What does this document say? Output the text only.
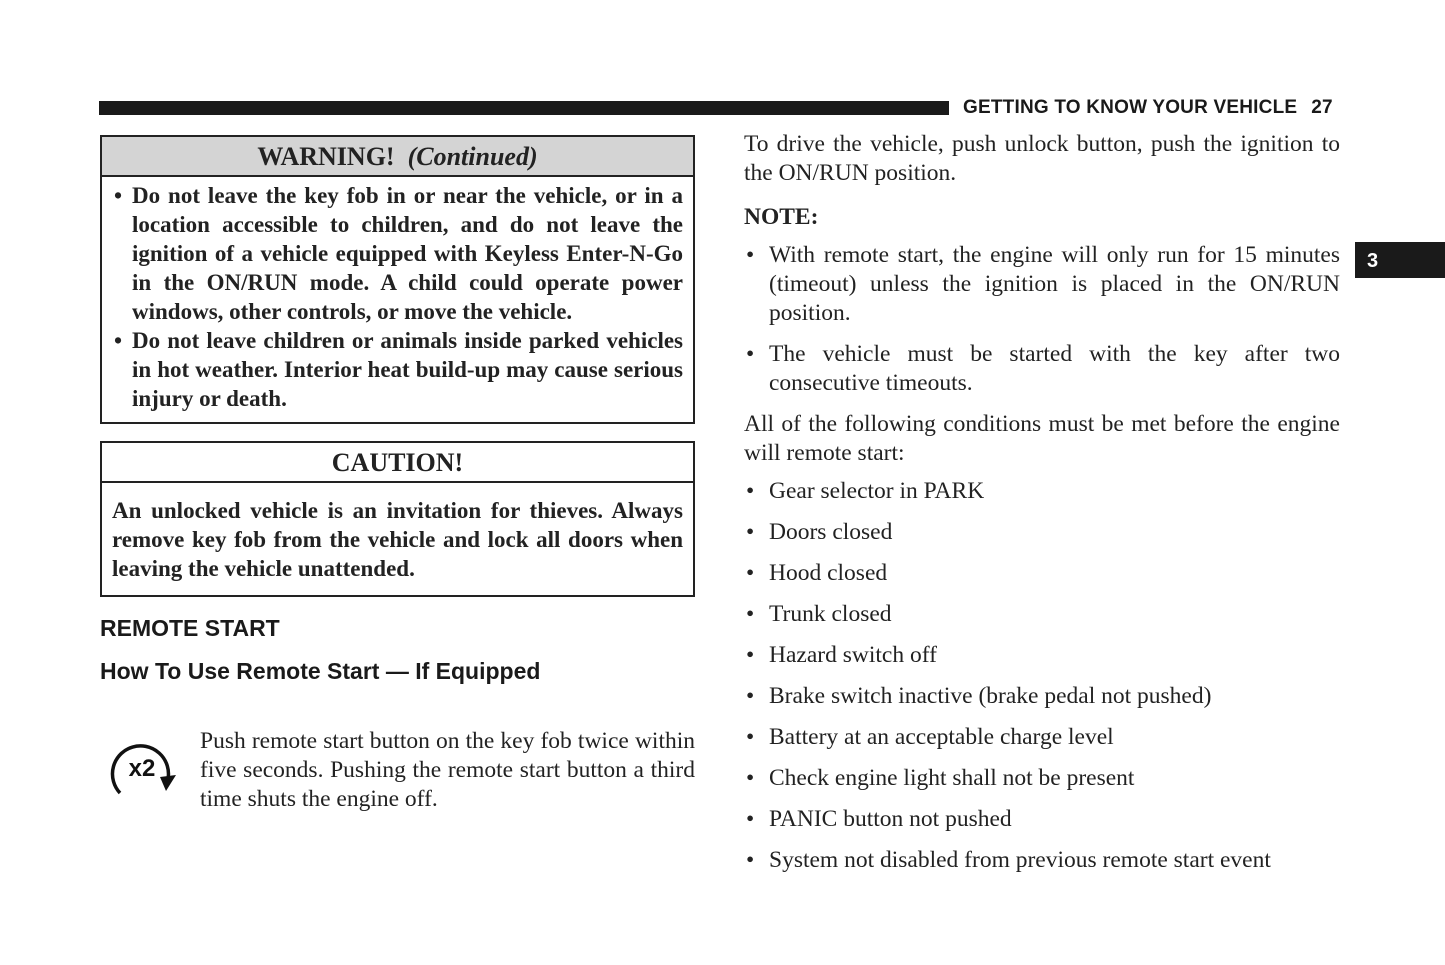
GETTING TO KNOW YOUR VEHICLE 27
3
WARNING! (Continued)
• Do not leave the key fob in or near the vehicle, or in a location accessible to children, and do not leave the ignition of a vehicle equipped with Keyless Enter-N-Go in the ON/RUN mode. A child could operate power windows, other controls, or move the vehicle.
• Do not leave children or animals inside parked vehicles in hot weather. Interior heat build-up may cause serious injury or death.
CAUTION!

An unlocked vehicle is an invitation for thieves. Always remove key fob from the vehicle and lock all doors when leaving the vehicle unattended.

REMOTE START
How To Use Remote Start — If Equipped
x2
Push remote start button on the key fob twice within five seconds. Pushing the remote start button a third time shuts the engine off.
To drive the vehicle, push unlock button, push the ignition to the ON/RUN position.
NOTE:
• With remote start, the engine will only run for 15 minutes (timeout) unless the ignition is placed in the ON/RUN position.
• The vehicle must be started with the key after two consecutive timeouts.
All of the following conditions must be met before the engine will remote start:
• Gear selector in PARK
• Doors closed
• Hood closed
• Trunk closed
• Hazard switch off
• Brake switch inactive (brake pedal not pushed)
• Battery at an acceptable charge level
• Check engine light shall not be present
• PANIC button not pushed
• System not disabled from previous remote start event
